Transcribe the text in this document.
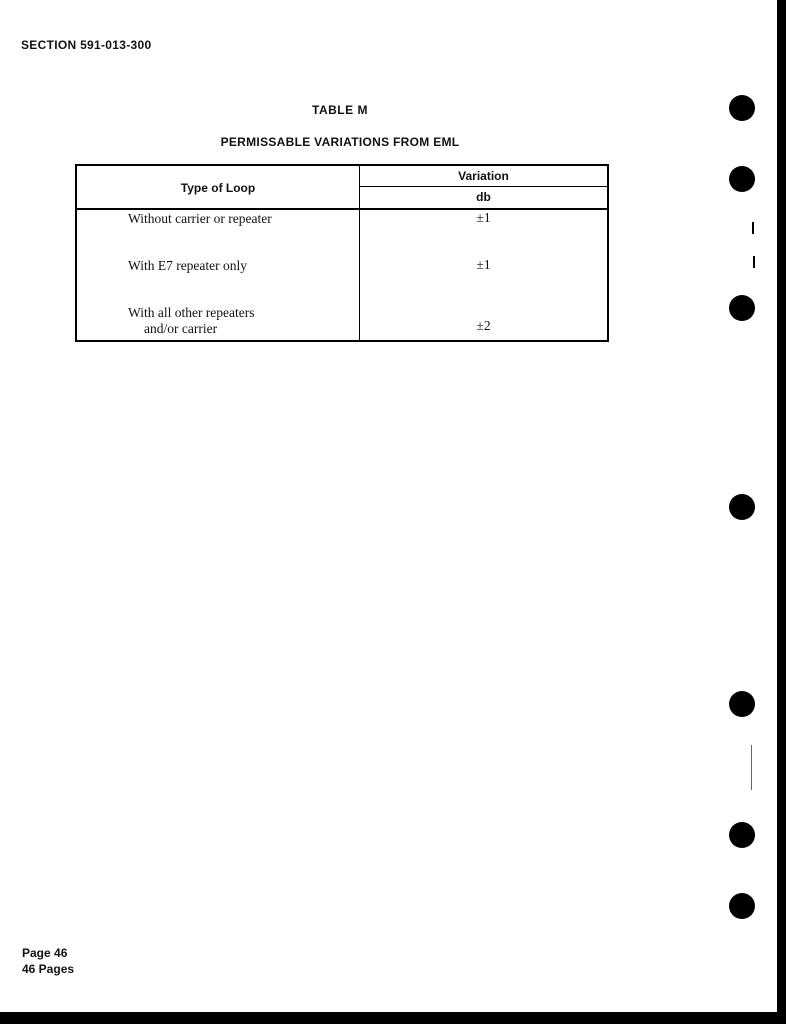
SECTION 591-013-300
TABLE M
PERMISSABLE VARIATIONS FROM EML
Type of Loop
Variation
db
Without carrier or repeater	±1
With E7 repeater only	±1
With all other repeaters
and/or carrier	±2
Page 46
46 Pages
